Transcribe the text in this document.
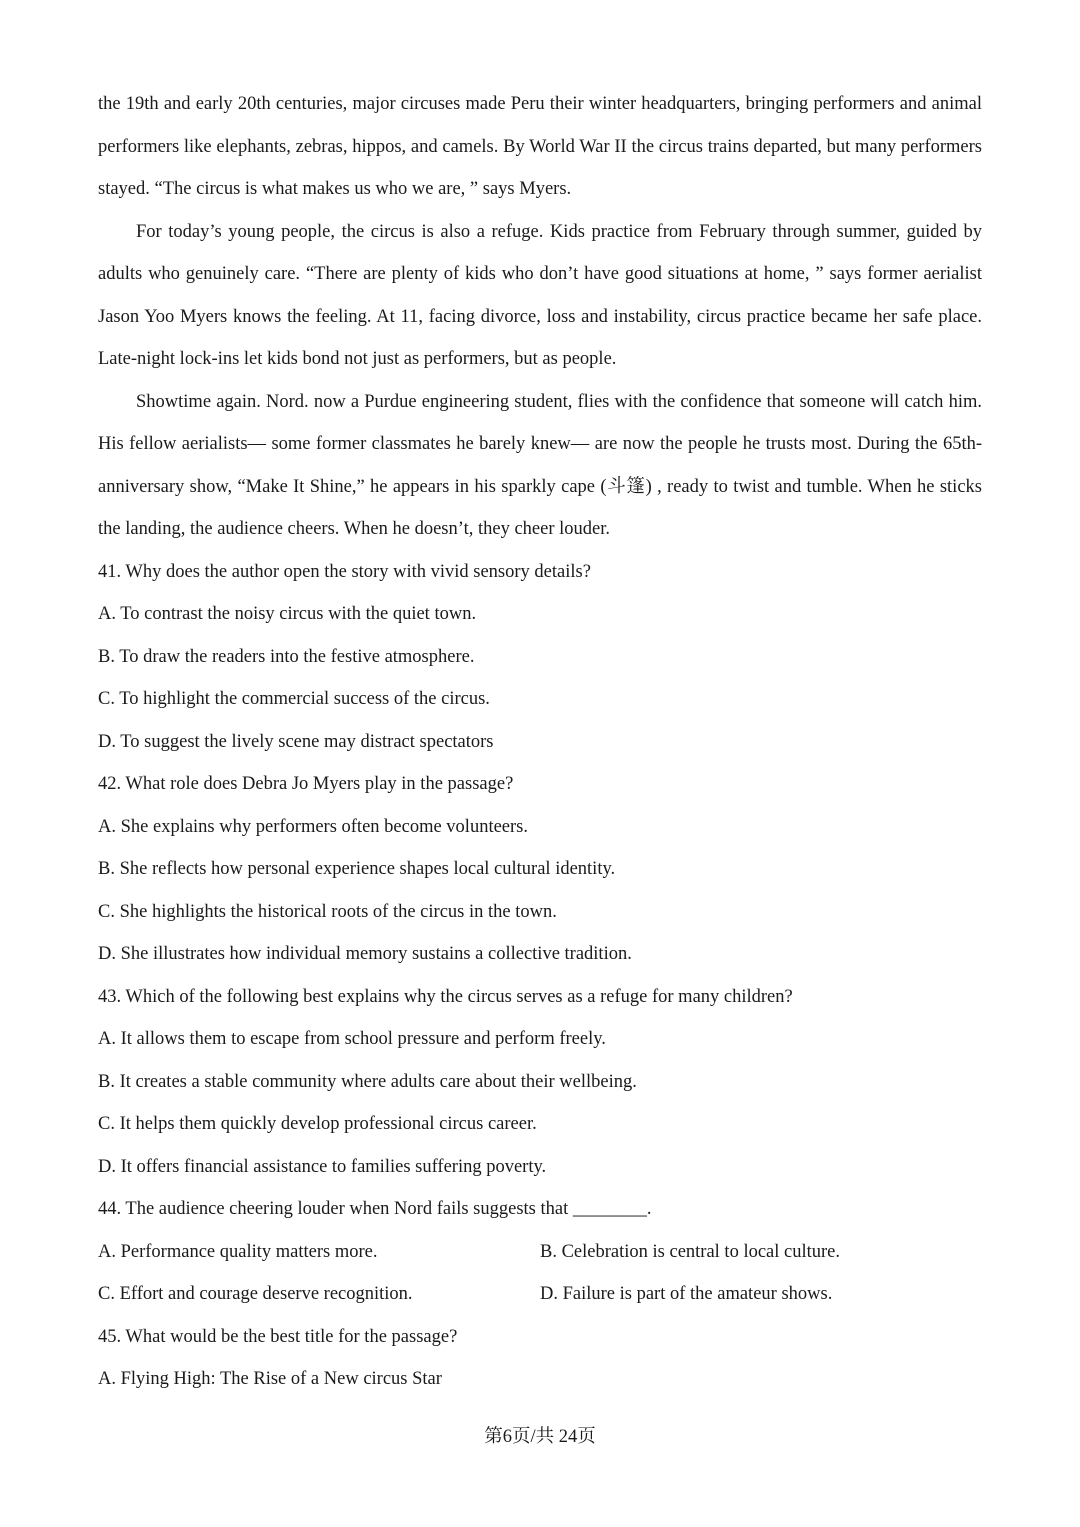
the 19th and early 20th centuries, major circuses made Peru their winter headquarters, bringing performers and animal performers like elephants, zebras, hippos, and camels. By World War II the circus trains departed, but many performers stayed. “The circus is what makes us who we are, ” says Myers.

For today’s young people, the circus is also a refuge. Kids practice from February through summer, guided by adults who genuinely care. “There are plenty of kids who don’t have good situations at home, ” says former aerialist Jason Yoo Myers knows the feeling. At 11, facing divorce, loss and instability, circus practice became her safe place. Late-night lock-ins let kids bond not just as performers, but as people.

Showtime again. Nord. now a Purdue engineering student, flies with the confidence that someone will catch him. His fellow aerialists— some former classmates he barely knew— are now the people he trusts most. During the 65th-anniversary show, “Make It Shine,” he appears in his sparkly cape (斗篷) , ready to twist and tumble. When he sticks the landing, the audience cheers. When he doesn’t, they cheer louder.

41. Why does the author open the story with vivid sensory details?

A. To contrast the noisy circus with the quiet town.

B. To draw the readers into the festive atmosphere.

C. To highlight the commercial success of the circus.

D. To suggest the lively scene may distract spectators

42. What role does Debra Jo Myers play in the passage?

A. She explains why performers often become volunteers.

B. She reflects how personal experience shapes local cultural identity.

C. She highlights the historical roots of the circus in the town.

D. She illustrates how individual memory sustains a collective tradition.

43. Which of the following best explains why the circus serves as a refuge for many children?

A. It allows them to escape from school pressure and perform freely.

B. It creates a stable community where adults care about their wellbeing.

C. It helps them quickly develop professional circus career.

D. It offers financial assistance to families suffering poverty.

44. The audience cheering louder when Nord fails suggests that ________.

A. Performance quality matters more.	B. Celebration is central to local culture.
C. Effort and courage deserve recognition.	D. Failure is part of the amateur shows.

45. What would be the best title for the passage?

A. Flying High: The Rise of a New circus Star

第6页/共 24页
